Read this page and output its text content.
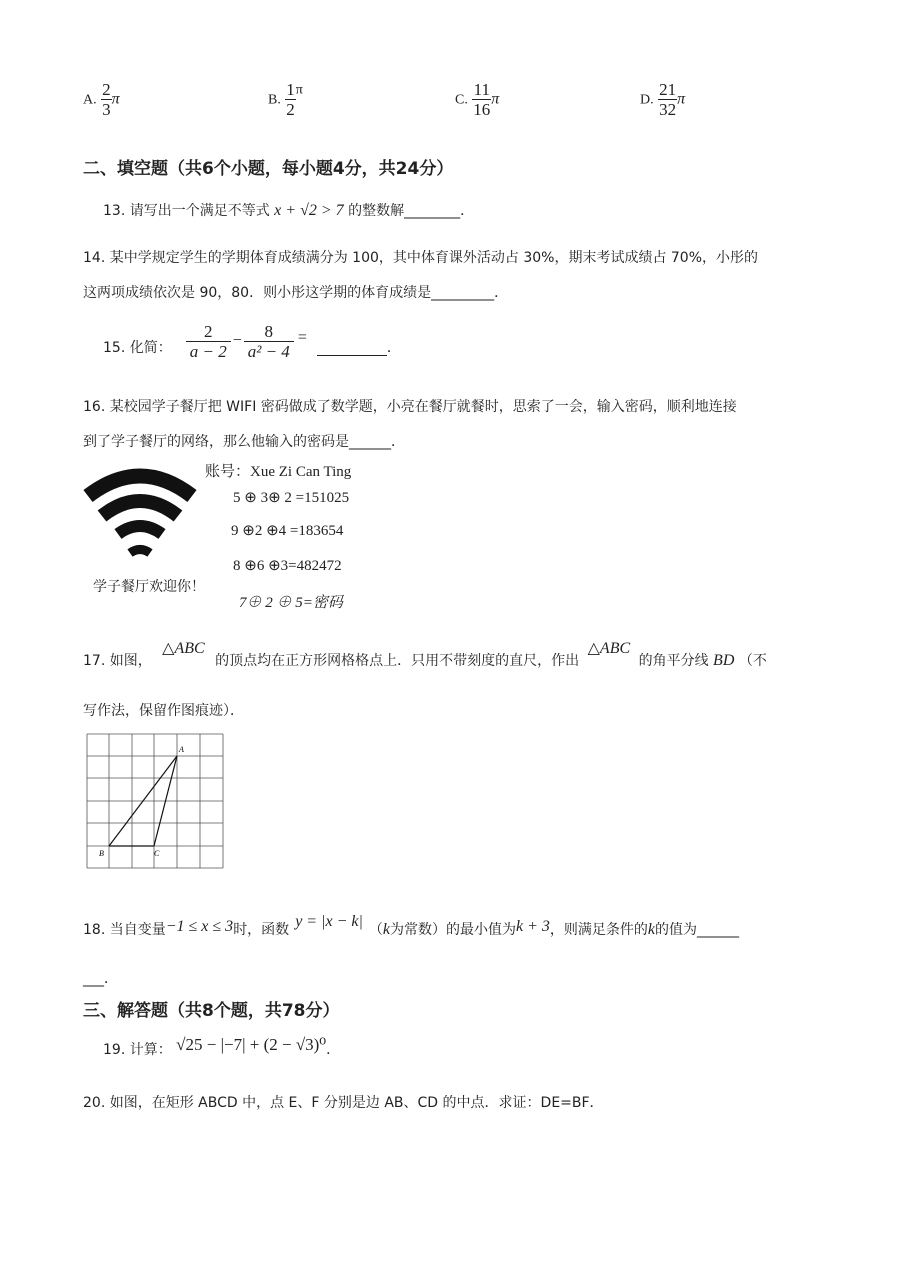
A. $\frac{2}{3}$ π	B. $\frac{1}{2}$ π
C. $\frac{11}{16}$ π	D. $\frac{21}{32}$ π
二、填空题（共6个小题，每小题4分，共24分）
13. 请写出一个满足不等式 x + √2 > 7 的整数解________．
14. 某中学规定学生的学期体育成绩满分为 100，其中体育课外活动占 30%，期末考试成绩占 70%，小彤的
这两项成绩依次是 90，80．则小彤这学期的体育成绩是_________．
15. 化简： $\frac{2}{a - 2} - \frac{8}{\text{a² − 4}}$ =
．
16. 某校园学子餐厅把 WIFI 密码做成了数学题，小亮在餐厅就餐时，思索了一会，输入密码，顺利地连接
到了学子餐厅的网络，那么他输入的密码是______．
学子餐厅欢迎你！
账号：Xue Zi Can Ting
5 ⊕ 3⊕ 2 =151025
9 ⊕2 ⊕4 =183654
8 ⊕6 ⊕3=482472
7⊕ 2 ⊕ 5=密码
17. 如图， △ABC 的顶点均在正方形网格格点上．只用不带刻度的直尺，作出 △ABC 的角平分线 BD （不
写作法，保留作图痕迹）．
A
B	C
18. 当自变量−1 ≤ x ≤ 3时，函数 y = |x − k| （k为常数）的最小值为k + 3，则满足条件的k的值为______
___．
三、解答题（共8个题，共78分）
19. 计算： √25 − |−7| + (2 − √3)⁰．
20. 如图，在矩形 ABCD 中，点 E、F 分别是边 AB、CD 的中点．求证：DE=BF．
